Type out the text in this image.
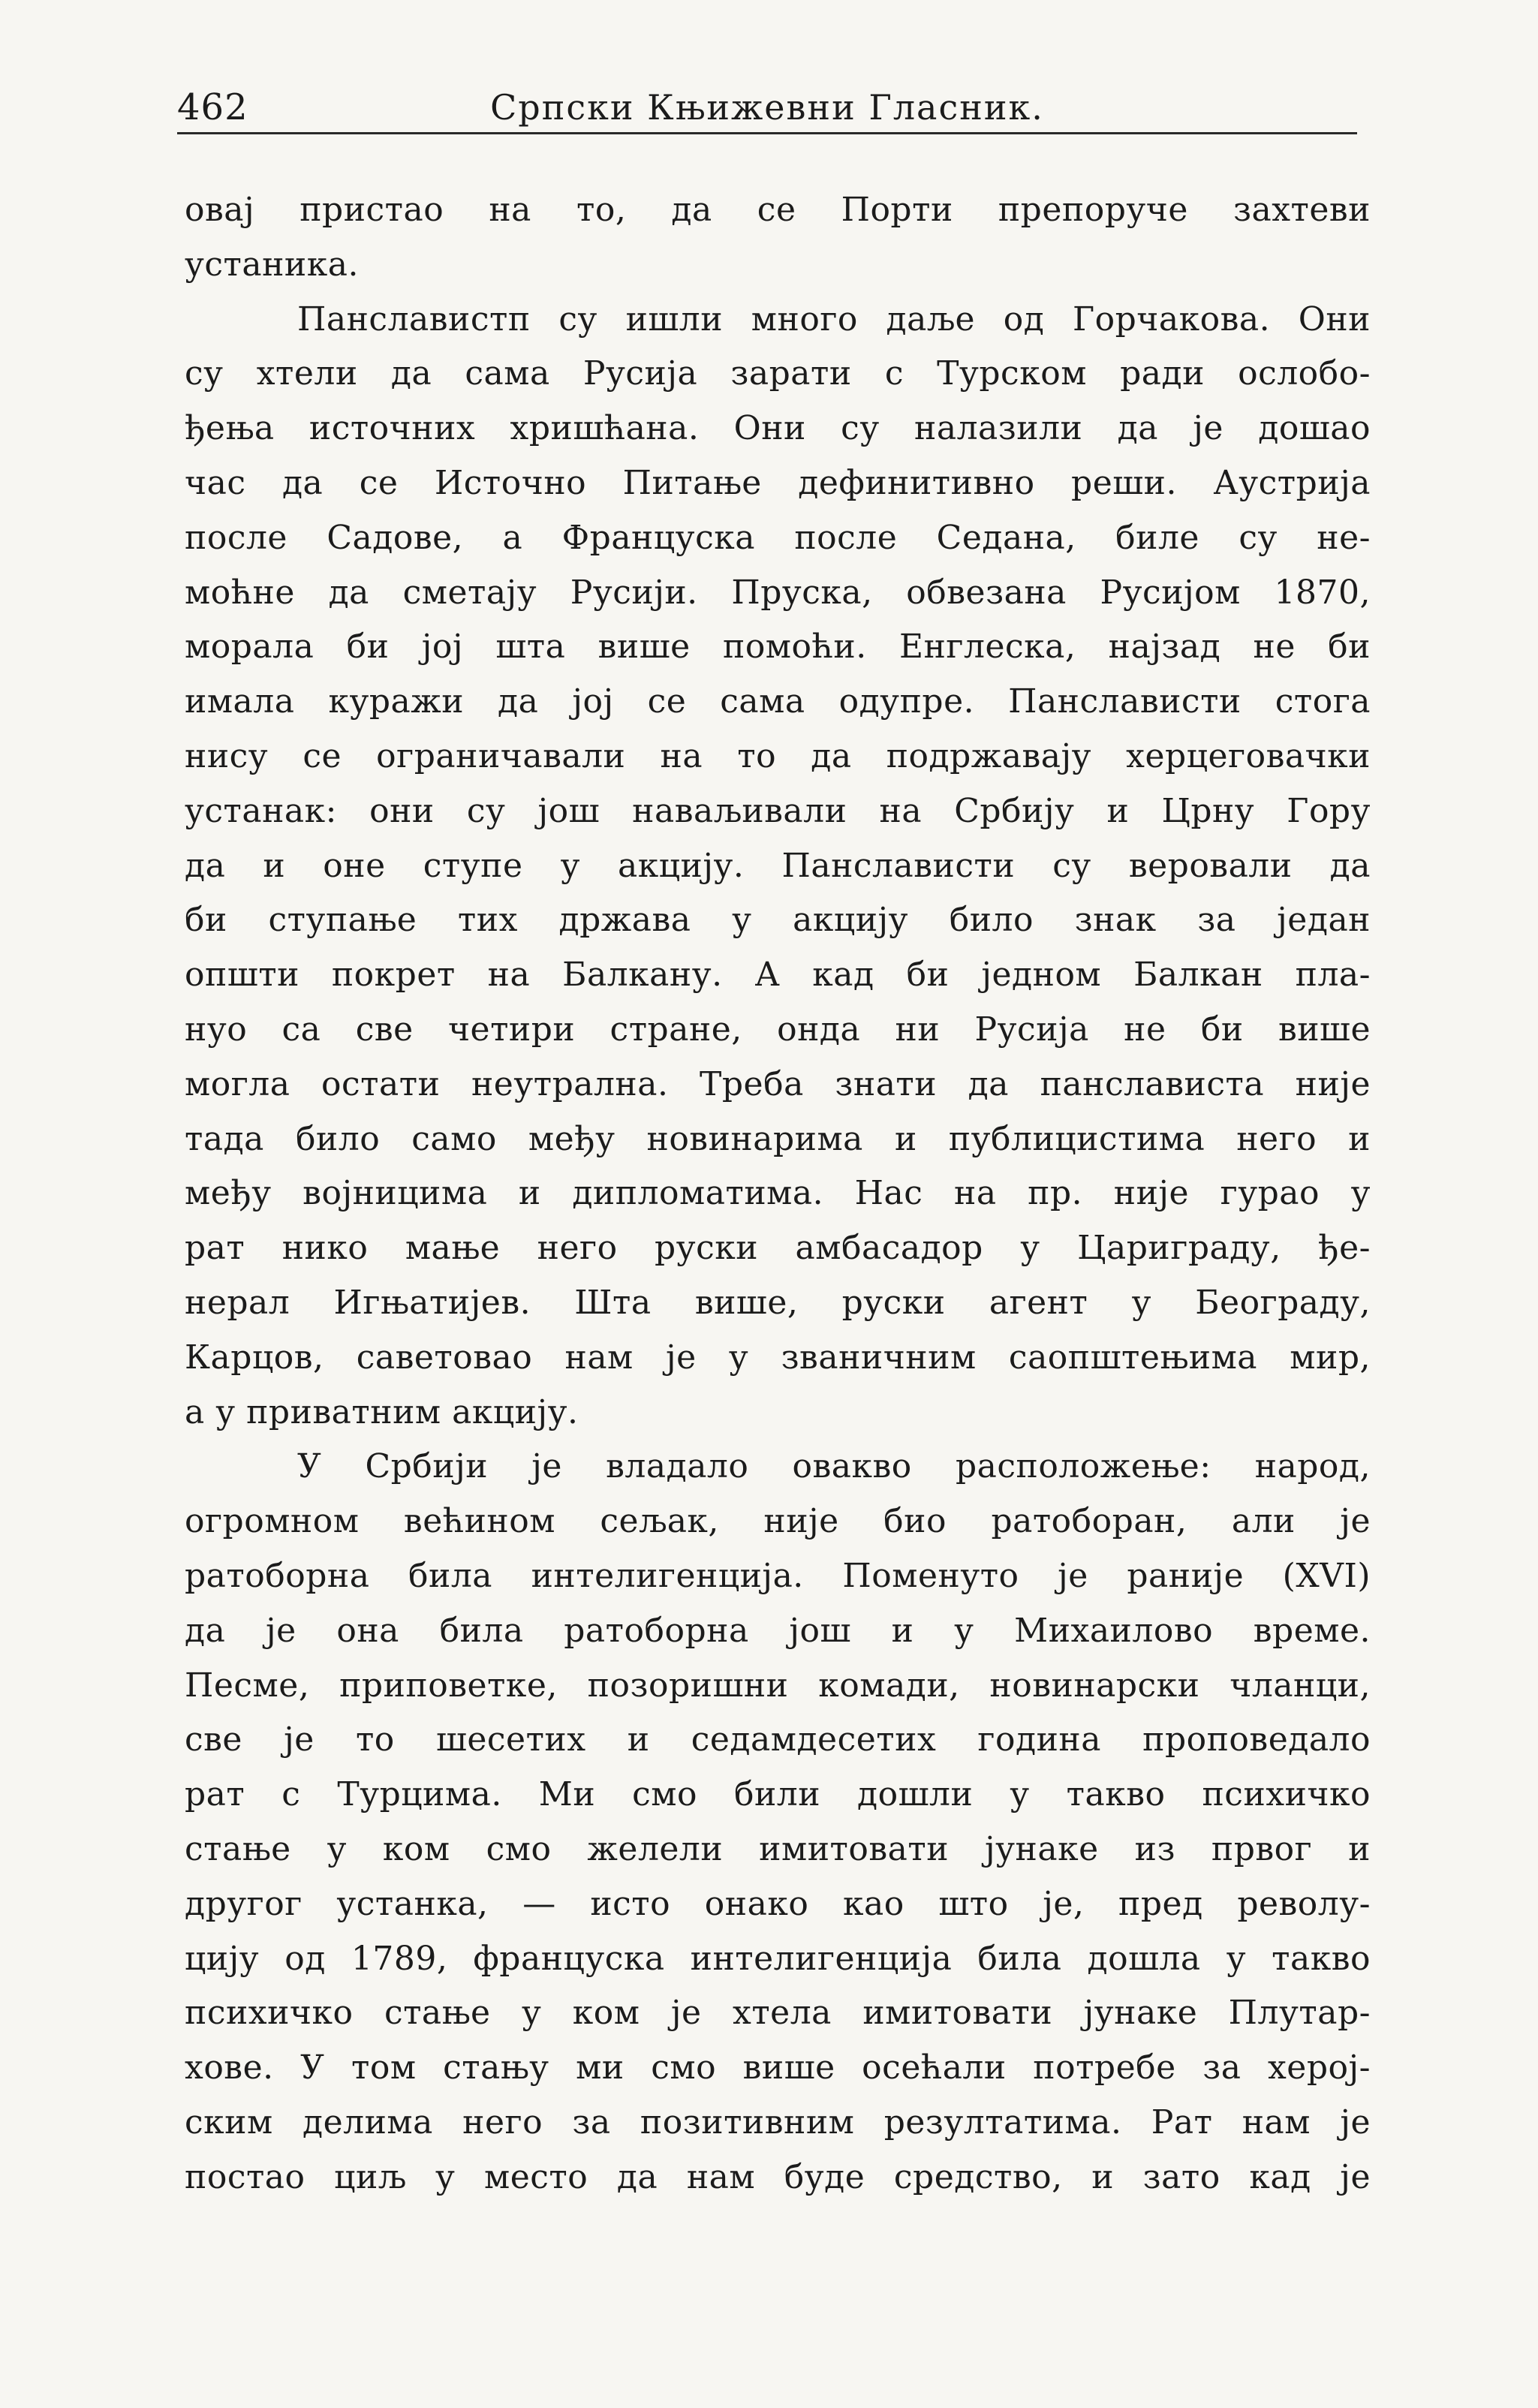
462	Српски Књижевни Гласник.
овај пристао на то, да се Порти препоруче захтеви
устаника.
Панславистп су ишли много даље од Горчакова. Они
су хтели да сама Русија зарати с Турском ради ослобо-
ђења источних хришћана. Они су налазили да је дошао
час да се Источно Питање дефинитивно реши. Аустрија
после Садове, а Француска после Седана, биле су не-
моћне да сметају Русији. Пруска, обвезана Русијом 1870,
морала би јој шта више помоћи. Енглеска, најзад не би
имала куражи да јој се сама одупре. Панслависти стога
нису се ограничавали на то да подржавају херцеговачки
устанак: они су још наваљивали на Србију и Црну Гору
да и оне ступе у акцију. Панслависти су веровали да
би ступање тих држава у акцију било знак за један
општи покрет на Балкану. А кад би једном Балкан пла-
нуо са све четири стране, онда ни Русија не би више
могла остати неутрална. Треба знати да панслависта није
тада било само међу новинарима и публицистима него и
међу војницима и дипломатима. Нас на пр. није гурао у
рат нико мање него руски амбасадор у Цариграду, ђе-
нерал Игњатијев. Шта више, руски агент у Београду,
Карцов, саветовао нам је у званичним саопштењима мир,
а у приватним акцију.
У Србији је владало овакво расположење: народ,
огромном већином сељак, није био ратоборан, али је
ратоборна била интелигенција. Поменуто је раније (XVI)
да је она била ратоборна још и у Михаилово време.
Песме, приповетке, позоришни комади, новинарски чланци,
све је то шесетих и седамдесетих година проповедало
рат с Турцима. Ми смо били дошли у такво психичко
стање у ком смо желели имитовати јунаке из првог и
другог устанка, — исто онако као што је, пред револу-
цију од 1789, француска интелигенција била дошла у такво
психичко стање у ком је хтела имитовати јунаке Плутар-
хове. У том стању ми смо више осећали потребе за херој-
ским делима него за позитивним резултатима. Рат нам је
постао циљ у место да нам буде средство, и зато кад је
